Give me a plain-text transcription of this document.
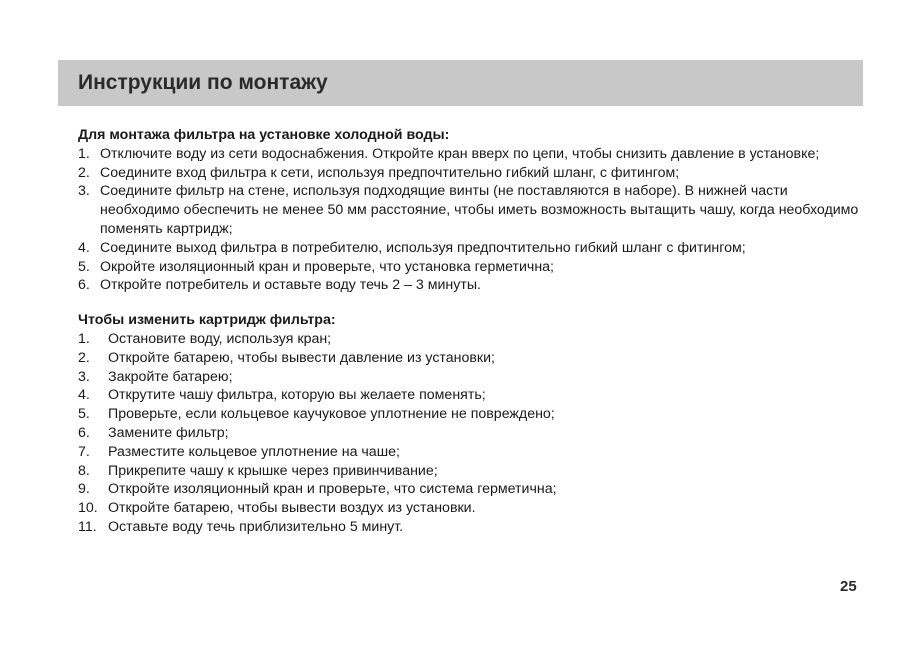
Инструкции по монтажу

Для монтажа фильтра на установке холодной воды:

1. Отключите воду из сети водоснабжения. Откройте кран вверх по цепи, чтобы снизить давление в установке;
2. Соедините вход фильтра к сети, используя предпочтительно гибкий шланг, с фитингом;
3. Соедините фильтр на стене, используя подходящие винты (не поставляются в наборе). В нижней части необходимо обеспечить не менее 50 мм расстояние, чтобы иметь возможность вытащить чашу, когда необходимо поменять картридж;
4. Соедините выход фильтра в потребителю, используя предпочтительно гибкий шланг с фитингом;
5. Окройте изоляционный кран и проверьте, что установка герметична;
6. Откройте потребитель и оставьте воду течь 2 – 3 минуты.

Чтобы изменить картридж фильтра:

1.	Остановите воду, используя кран;
2.	Откройте батарею, чтобы вывести давление из установки;
3.	Закройте батарею;
4.	Открутите чашу фильтра, которую вы желаете поменять;
5.	Проверьте, если кольцевое каучуковое уплотнение не повреждено;
6.	Замените фильтр;
7.	Разместите кольцевое уплотнение на чаше;
8.	Прикрепите чашу к крышке через привинчивание;
9.	Откройте изоляционный кран и проверьте, что система герметична;
10. Откройте батарею, чтобы вывести воздух из установки.
11. Оставьте воду течь приблизительно 5 минут.
25
